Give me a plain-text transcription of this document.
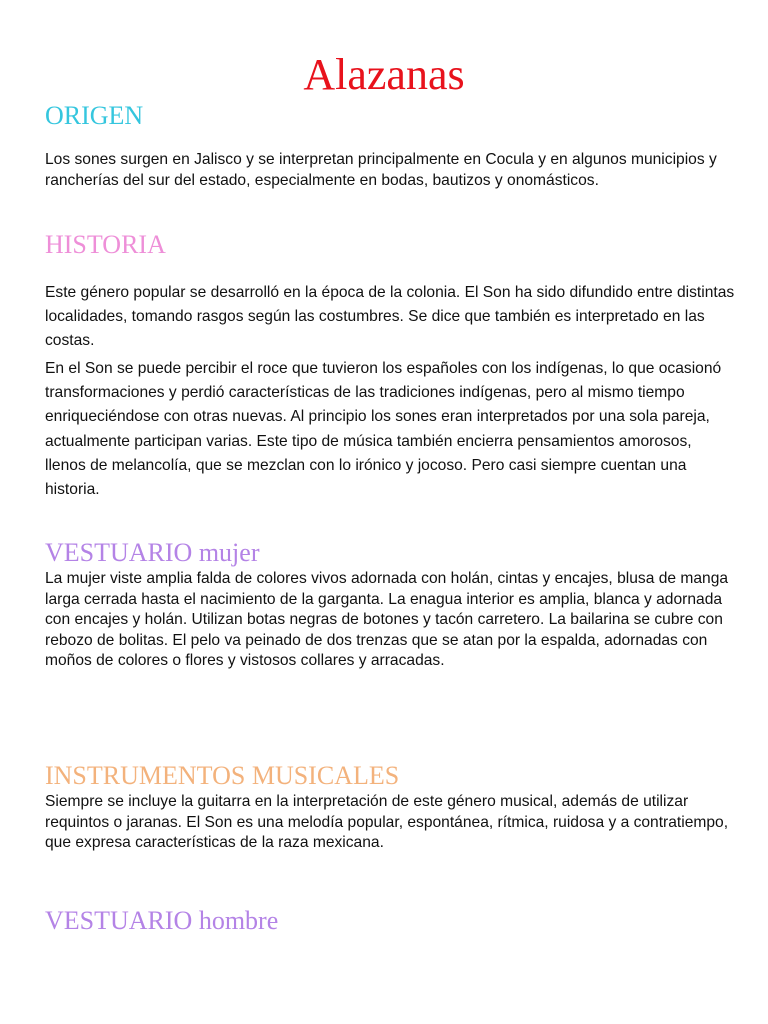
Alazanas
ORIGEN

Los sones surgen en Jalisco y se interpretan principalmente en Cocula y en algunos municipios y rancherías del sur del estado, especialmente en bodas, bautizos y onomásticos.

HISTORIA

Este género popular se desarrolló en la época de la colonia. El Son ha sido difundido entre distintas localidades, tomando rasgos según las costumbres. Se dice que también es interpretado en las costas.

En el Son se puede percibir el roce que tuvieron los españoles con los indígenas, lo que ocasionó transformaciones y perdió características de las tradiciones indígenas, pero al mismo tiempo enriqueciéndose con otras nuevas. Al principio los sones eran interpretados por una sola pareja, actualmente participan varias. Este tipo de música también encierra pensamientos amorosos, llenos de melancolía, que se mezclan con lo irónico y jocoso. Pero casi siempre cuentan una historia.

VESTUARIO mujer

La mujer viste amplia falda de colores vivos adornada con holán, cintas y encajes, blusa de manga larga cerrada hasta el nacimiento de la garganta. La enagua interior es amplia, blanca y adornada con encajes y holán. Utilizan botas negras de botones y tacón carretero. La bailarina se cubre con rebozo de bolitas. El pelo va peinado de dos trenzas que se atan por la espalda, adornadas con moños de colores o flores y vistosos collares y arracadas.

INSTRUMENTOS MUSICALES

Siempre se incluye la guitarra en la interpretación de este género musical, además de utilizar requintos o jaranas. El Son es una melodía popular, espontánea, rítmica, ruidosa y a contratiempo, que expresa características de la raza mexicana.

VESTUARIO hombre
